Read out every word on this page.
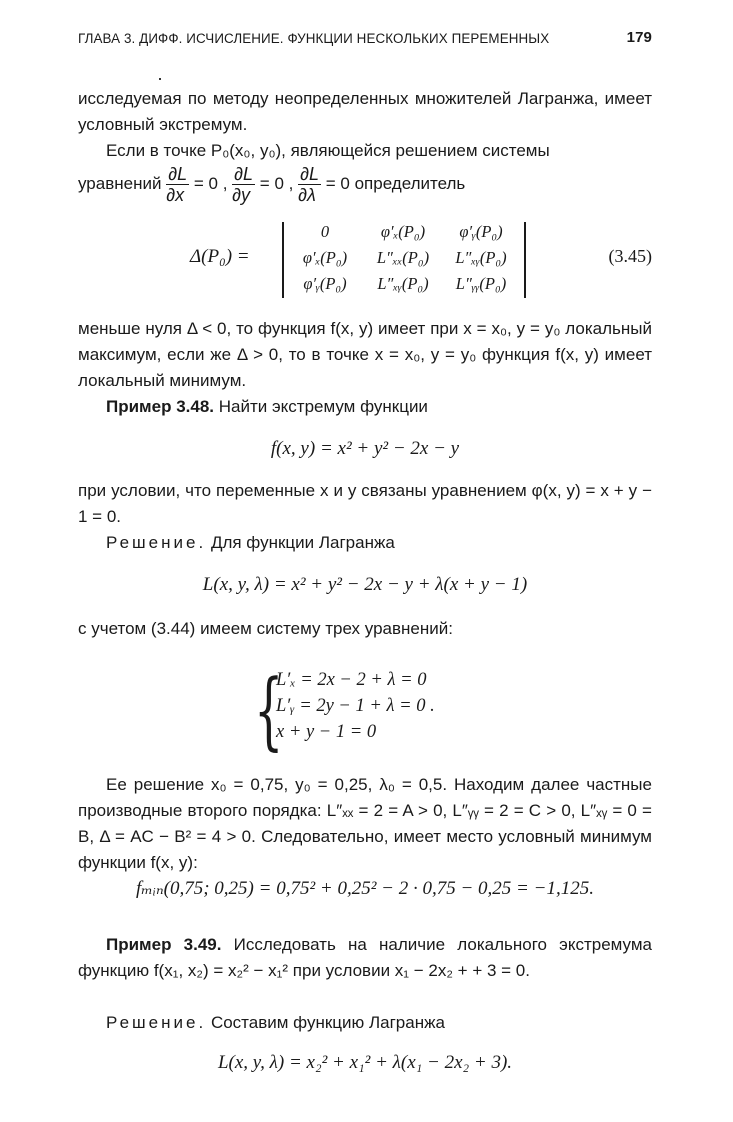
ГЛАВА 3. ДИФФ. ИСЧИСЛЕНИЕ. ФУНКЦИИ НЕСКОЛЬКИХ ПЕРЕМЕННЫХ	179

исследуемая по методу неопределенных множителей Лагранжа, имеет условный экстремум.

Если в точке P₀(x₀, y₀), являющейся решением системы

уравнений $\frac{\partial L}{\partial x} = 0$ , $\frac{\partial L}{\partial y} = 0$ , $\frac{\partial L}{\partial\lambda} = 0$ определитель
Δ(P₀) =
0	φ′ₓ(P₀)	φ′ᵧ(P₀)
φ′ₓ(P₀)	L″ₓₓ(P₀)	L″ₓᵧ(P₀)
φ′ᵧ(P₀)	L″ₓᵧ(P₀)	L″ᵧᵧ(P₀)
(3.45)

меньше нуля Δ < 0, то функция f(x, y) имеет при x = x₀, y = y₀ локальный максимум, если же Δ > 0, то в точке x = x₀, y = y₀ функция f(x, y) имеет локальный минимум.

Пример 3.48. Найти экстремум функции

f(x, y) = x² + y² − 2x − y

при условии, что переменные x и y связаны уравнением φ(x, y) = x + y − 1 = 0.

Решение. Для функции Лагранжа

L(x, y, λ) = x² + y² − 2x − y + λ(x + y − 1)

с учетом (3.44) имеем систему трех уравнений:

{
L′ₓ = 2x − 2 + λ = 0
L′ᵧ = 2y − 1 + λ = 0 .
x + y − 1 = 0

Ее решение x₀ = 0,75, y₀ = 0,25, λ₀ = 0,5. Находим далее частные производные второго порядка: L″ₓₓ = 2 = A > 0, L″ᵧᵧ = 2 = C > 0, L″ₓᵧ = 0 = B, Δ = AC − B² = 4 > 0. Следовательно, имеет место условный минимум функции f(x, y):

fₘᵢₙ(0,75; 0,25) = 0,75² + 0,25² − 2 · 0,75 − 0,25 = −1,125.

Пример 3.49. Исследовать на наличие локального экстремума функцию f(x₁, x₂) = x₂² − x₁² при условии x₁ − 2x₂ + + 3 = 0.

Решение. Составим функцию Лагранжа

L(x, y, λ) = x₂² + x₁² + λ(x₁ − 2x₂ + 3).
